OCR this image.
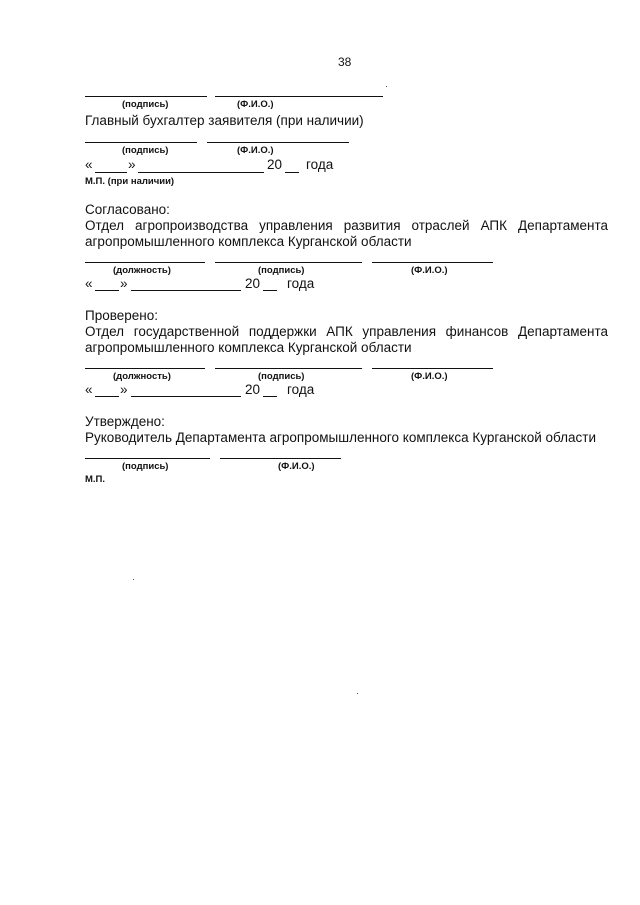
38
(подпись)	(Ф.И.О.)
Главный бухгалтер заявителя (при наличии)
(подпись)	(Ф.И.О.)
«	»	20 года
М.П. (при наличии)
Согласовано:
Отдел агропроизводства управления развития отраслей АПК Департамента
агропромышленного комплекса Курганской области
(должность)	(подпись)	(Ф.И.О.)
« »	20 года
Проверено:
Отдел государственной поддержки АПК управления финансов Департамента
агропромышленного комплекса Курганской области
(должность)	(подпись)	(Ф.И.О.)
« »	20 года
Утверждено:
Руководитель Департамента агропромышленного комплекса Курганской области
(подпись)	(Ф.И.О.)
М.П.
